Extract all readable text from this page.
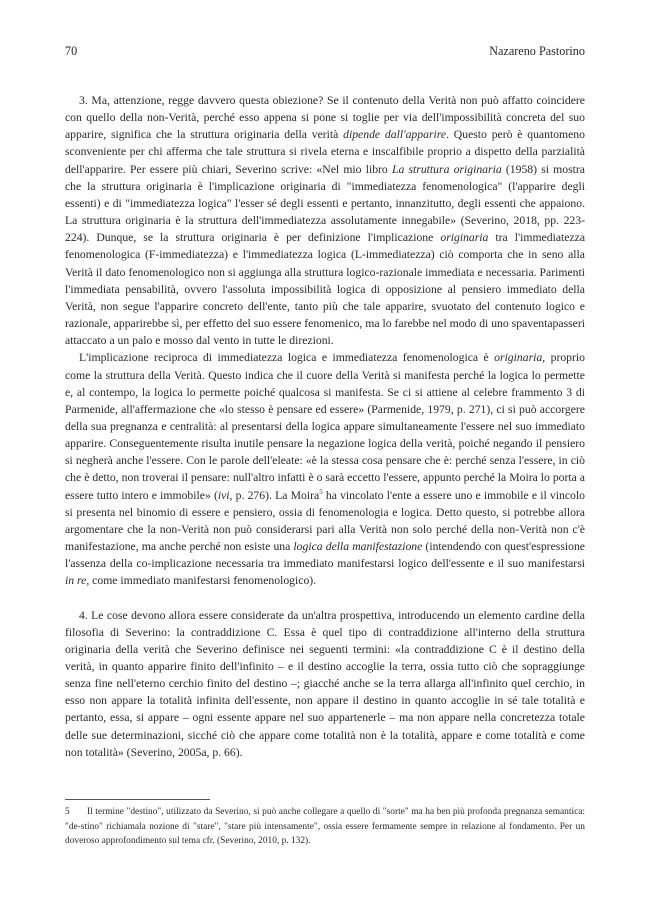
70	Nazareno Pastorino

3. Ma, attenzione, regge davvero questa obiezione? Se il contenuto della Verità non può affatto coincidere con quello della non-Verità, perché esso appena si pone si toglie per via dell'impossibilità concreta del suo apparire, significa che la struttura originaria della verità dipende dall'apparire. Questo però è quantomeno sconveniente per chi afferma che tale struttura si rivela eterna e inscalfibile proprio a dispetto della parzialità dell'apparire. Per essere più chiari, Severino scrive: «Nel mio libro La struttura originaria (1958) si mostra che la struttura originaria è l'implicazione originaria di "immediatezza fenomenologica" (l'apparire degli essenti) e di "immediatezza logica" l'esser sé degli essenti e pertanto, innanzitutto, degli essenti che appaiono. La struttura originaria è la struttura dell'immediatezza assolutamente innegabile» (Severino, 2018, pp. 223-224). Dunque, se la struttura originaria è per definizione l'implicazione originaria tra l'immediatezza fenomenologica (F-immediatezza) e l'immediatezza logica (L-immediatezza) ciò comporta che in seno alla Verità il dato fenomenologico non si aggiunga alla struttura logico-razionale immediata e necessaria. Parimenti l'immediata pensabilità, ovvero l'assoluta impossibilità logica di opposizione al pensiero immediato della Verità, non segue l'apparire concreto dell'ente, tanto più che tale apparire, svuotato del contenuto logico e razionale, apparirebbe sì, per effetto del suo essere fenomenico, ma lo farebbe nel modo di uno spaventapasseri attaccato a un palo e mosso dal vento in tutte le direzioni.

L'implicazione reciproca di immediatezza logica e immediatezza fenomenologica è originaria, proprio come la struttura della Verità. Questo indica che il cuore della Verità si manifesta perché la logica lo permette e, al contempo, la logica lo permette poiché qualcosa si manifesta. Se ci si attiene al celebre frammento 3 di Parmenide, all'affermazione che «lo stesso è pensare ed essere» (Parmenide, 1979, p. 271), ci si può accorgere della sua pregnanza e centralità: al presentarsi della logica appare simultaneamente l'essere nel suo immediato apparire. Conseguentemente risulta inutile pensare la negazione logica della verità, poiché negando il pensiero si negherà anche l'essere. Con le parole dell'eleate: «è la stessa cosa pensare che è: perché senza l'essere, in ciò che è detto, non troverai il pensare: null'altro infatti è o sarà eccetto l'essere, appunto perché la Moira lo porta a essere tutto intero e immobile» (ivi, p. 276). La Moira$^5$ ha vincolato l'ente a essere uno e immobile e il vincolo si presenta nel binomio di essere e pensiero, ossia di fenomenologia e logica. Detto questo, si potrebbe allora argomentare che la non-Verità non può considerarsi pari alla Verità non solo perché della non-Verità non c'è manifestazione, ma anche perché non esiste una logica della manifestazione (intendendo con quest'espressione l'assenza della co-implicazione necessaria tra immediato manifestarsi logico dell'essente e il suo manifestarsi in re, come immediato manifestarsi fenomenologico).

4. Le cose devono allora essere considerate da un'altra prospettiva, introducendo un elemento cardine della filosofia di Severino: la contraddizione C. Essa è quel tipo di contraddizione all'interno della struttura originaria della verità che Severino definisce nei seguenti termini: «la contraddizione C è il destino della verità, in quanto apparire finito dell'infinito – e il destino accoglie la terra, ossia tutto ciò che sopraggiunge senza fine nell'eterno cerchio finito del destino –; giacché anche se la terra allarga all'infinito quel cerchio, in esso non appare la totalità infinita dell'essente, non appare il destino in quanto accoglie in sé tale totalità e pertanto, essa, si appare – ogni essente appare nel suo appartenerle – ma non appare nella concretezza totale delle sue determinazioni, sicché ciò che appare come totalità non è la totalità, appare e come totalità e come non totalità» (Severino, 2005a, p. 66).

5 Il termine "destino", utilizzato da Severino, si può anche collegare a quello di "sorte" ma ha ben più profonda pregnanza semantica: "de-stino" richiamala nozione di "stare", "stare più intensamente", ossia essere fermamente sempre in relazione al fondamento. Per un doveroso approfondimento sul tema cfr. (Severino, 2010, p. 132).
